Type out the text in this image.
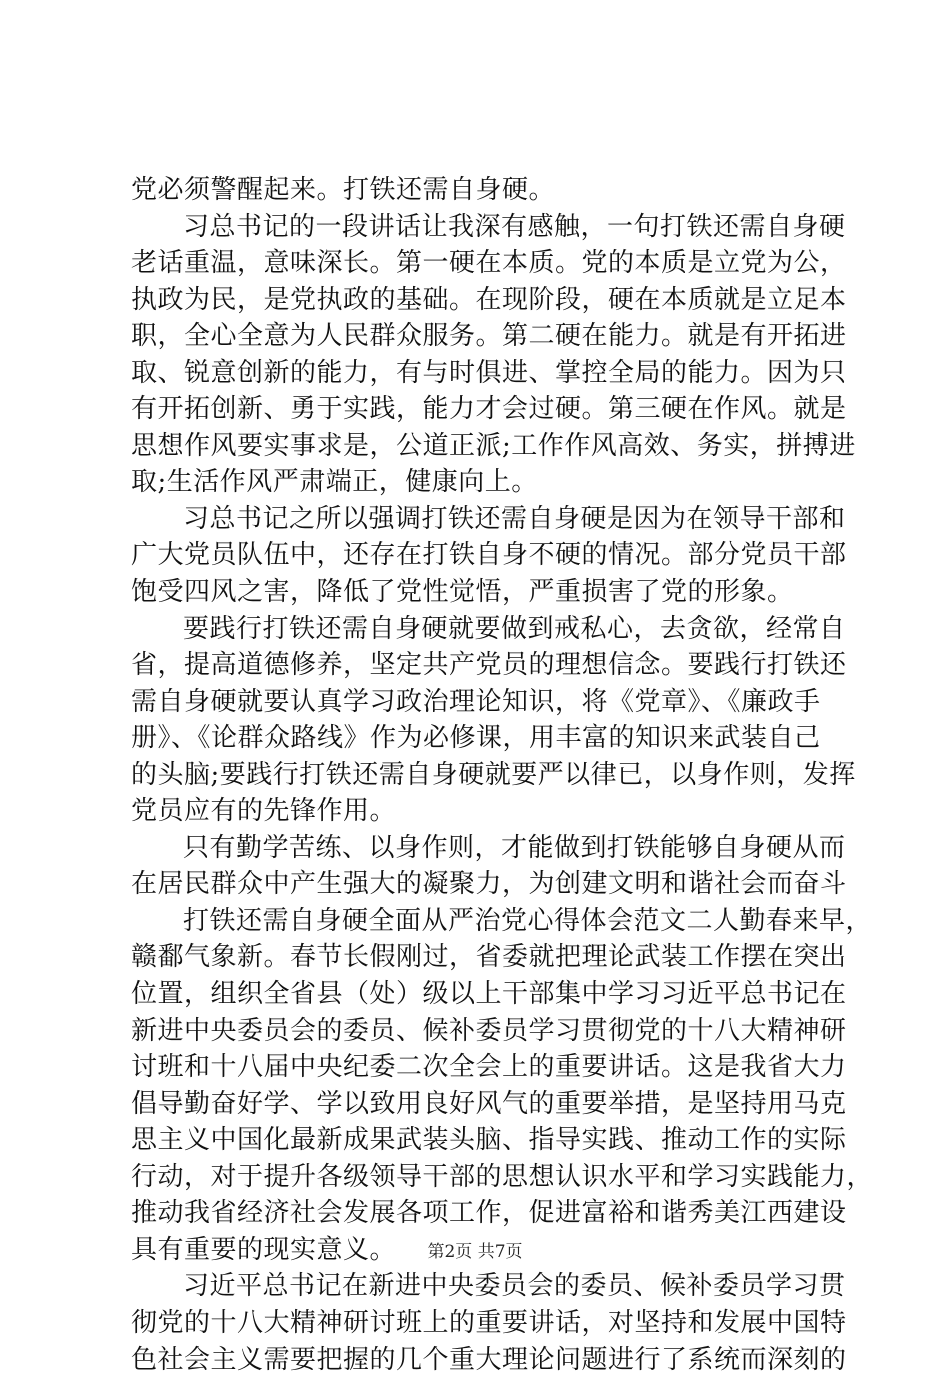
党必须警醒起来。打铁还需自身硬。
习总书记的一段讲话让我深有感触，一句打铁还需自身硬
老话重温，意味深长。第一硬在本质。党的本质是立党为公，
执政为民，是党执政的基础。在现阶段，硬在本质就是立足本
职，全心全意为人民群众服务。第二硬在能力。就是有开拓进
取、锐意创新的能力，有与时俱进、掌控全局的能力。因为只
有开拓创新、勇于实践，能力才会过硬。第三硬在作风。就是
思想作风要实事求是，公道正派;工作作风高效、务实，拼搏进
取;生活作风严肃端正，健康向上。
习总书记之所以强调打铁还需自身硬是因为在领导干部和
广大党员队伍中，还存在打铁自身不硬的情况。部分党员干部
饱受四风之害，降低了党性觉悟，严重损害了党的形象。
要践行打铁还需自身硬就要做到戒私心，去贪欲，经常自
省，提高道德修养，坚定共产党员的理想信念。要践行打铁还
需自身硬就要认真学习政治理论知识，将《党章》、《廉政手
册》、《论群众路线》作为必修课，用丰富的知识来武装自己
的头脑;要践行打铁还需自身硬就要严以律已，以身作则，发挥
党员应有的先锋作用。
只有勤学苦练、以身作则，才能做到打铁能够自身硬从而
在居民群众中产生强大的凝聚力，为创建文明和谐社会而奋斗
打铁还需自身硬全面从严治党心得体会范文二人勤春来早，
赣鄱气象新。春节长假刚过，省委就把理论武装工作摆在突出
位置，组织全省县（处）级以上干部集中学习习近平总书记在
新进中央委员会的委员、候补委员学习贯彻党的十八大精神研
讨班和十八届中央纪委二次全会上的重要讲话。这是我省大力
倡导勤奋好学、学以致用良好风气的重要举措，是坚持用马克
思主义中国化最新成果武装头脑、指导实践、推动工作的实际
行动，对于提升各级领导干部的思想认识水平和学习实践能力，
推动我省经济社会发展各项工作，促进富裕和谐秀美江西建设
具有重要的现实意义。
习近平总书记在新进中央委员会的委员、候补委员学习贯
彻党的十八大精神研讨班上的重要讲话，对坚持和发展中国特
色社会主义需要把握的几个重大理论问题进行了系统而深刻的
第2页 共7页
